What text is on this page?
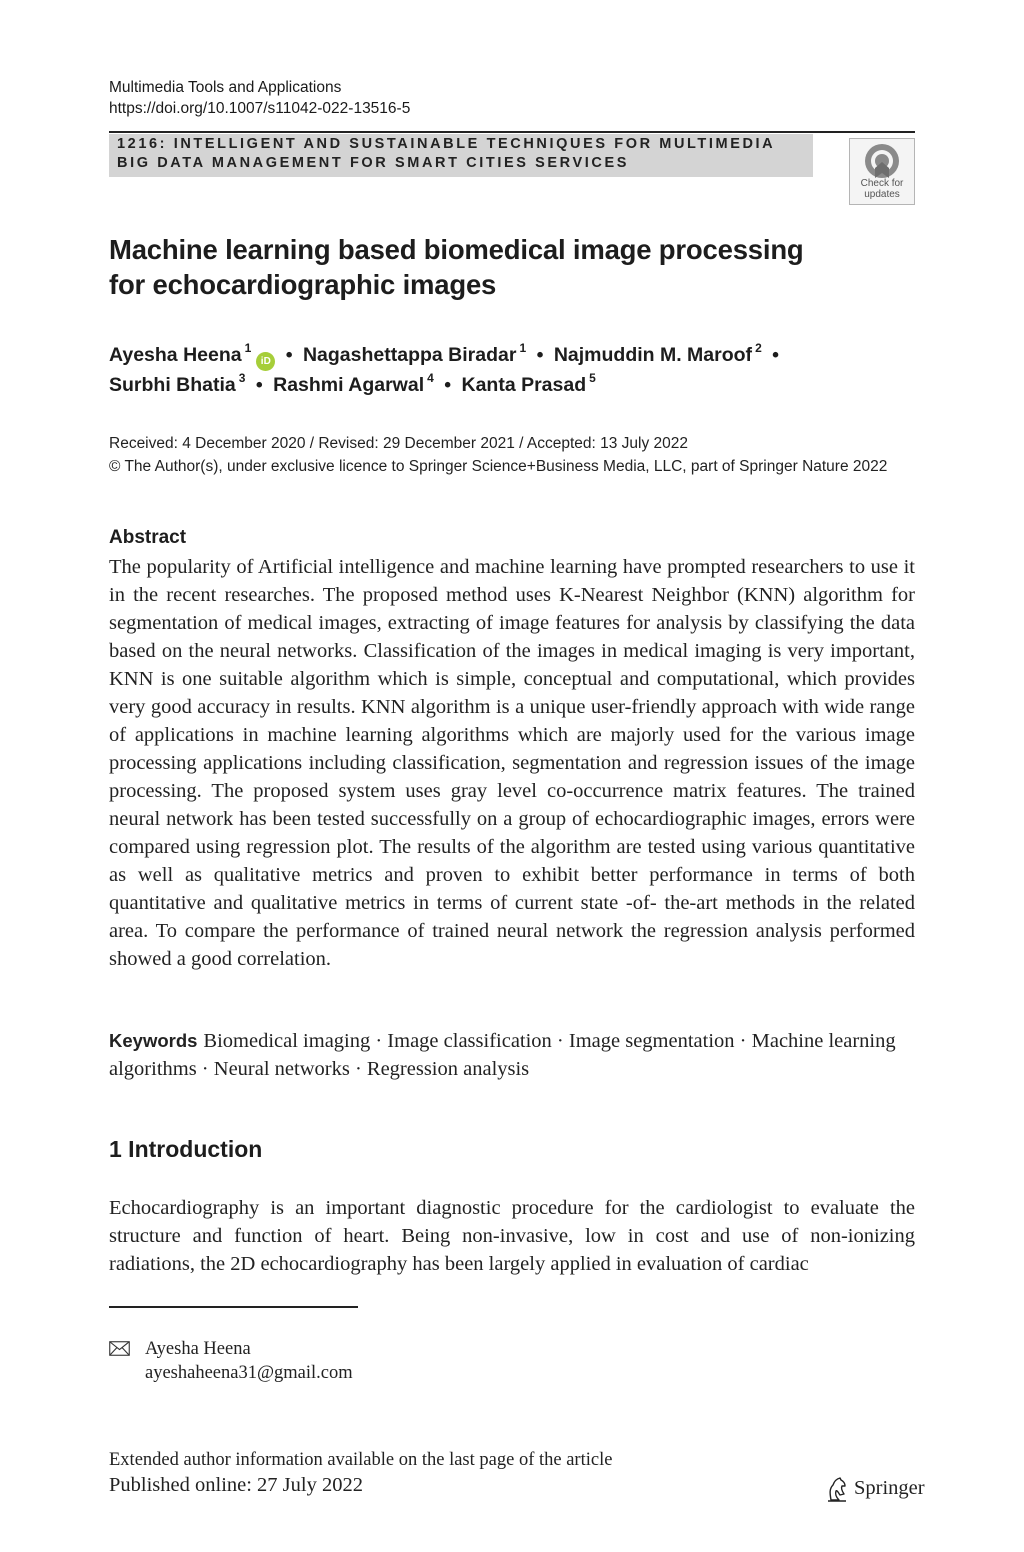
Multimedia Tools and Applications
https://doi.org/10.1007/s11042-022-13516-5
1216: INTELLIGENT AND SUSTAINABLE TECHNIQUES FOR MULTIMEDIA
BIG DATA MANAGEMENT FOR SMART CITIES SERVICES
Check for
updates
Machine learning based biomedical image processing
for echocardiographic images
Ayesha Heena $^1$iD • Nagashettappa Biradar $^1$ • Najmuddin M. Maroof $^2$ •
Surbhi Bhatia $^3$ • Rashmi Agarwal $^4$ • Kanta Prasad $^5$
Received: 4 December 2020 / Revised: 29 December 2021 / Accepted: 13 July 2022
© The Author(s), under exclusive licence to Springer Science+Business Media, LLC, part of Springer Nature 2022
Abstract
The popularity of Artificial intelligence and machine learning have prompted researchers to use it in the recent researches. The proposed method uses K-Nearest Neighbor (KNN) algorithm for segmentation of medical images, extracting of image features for analysis by classifying the data based on the neural networks. Classification of the images in medical imaging is very important, KNN is one suitable algorithm which is simple, conceptual and computational, which provides very good accuracy in results. KNN algorithm is a unique user-friendly approach with wide range of applications in machine learning algorithms which are majorly used for the various image processing applications including classification, segmentation and regression issues of the image processing. The proposed system uses gray level co-occurrence matrix features. The trained neural network has been tested successfully on a group of echocardiographic images, errors were compared using regression plot. The results of the algorithm are tested using various quantitative as well as qualitative metrics and proven to exhibit better performance in terms of both quantitative and qualitative metrics in terms of current state -of- the-art methods in the related area. To compare the performance of trained neural network the regression analysis performed showed a good correlation.
Keywords Biomedical imaging · Image classification · Image segmentation · Machine learning algorithms · Neural networks · Regression analysis
1 Introduction
Echocardiography is an important diagnostic procedure for the cardiologist to evaluate the structure and function of heart. Being non-invasive, low in cost and use of non-ionizing radiations, the 2D echocardiography has been largely applied in evaluation of cardiac
Ayesha Heena
ayeshaheena31@gmail.com
Extended author information available on the last page of the article
Published online: 27 July 2022	Springer
